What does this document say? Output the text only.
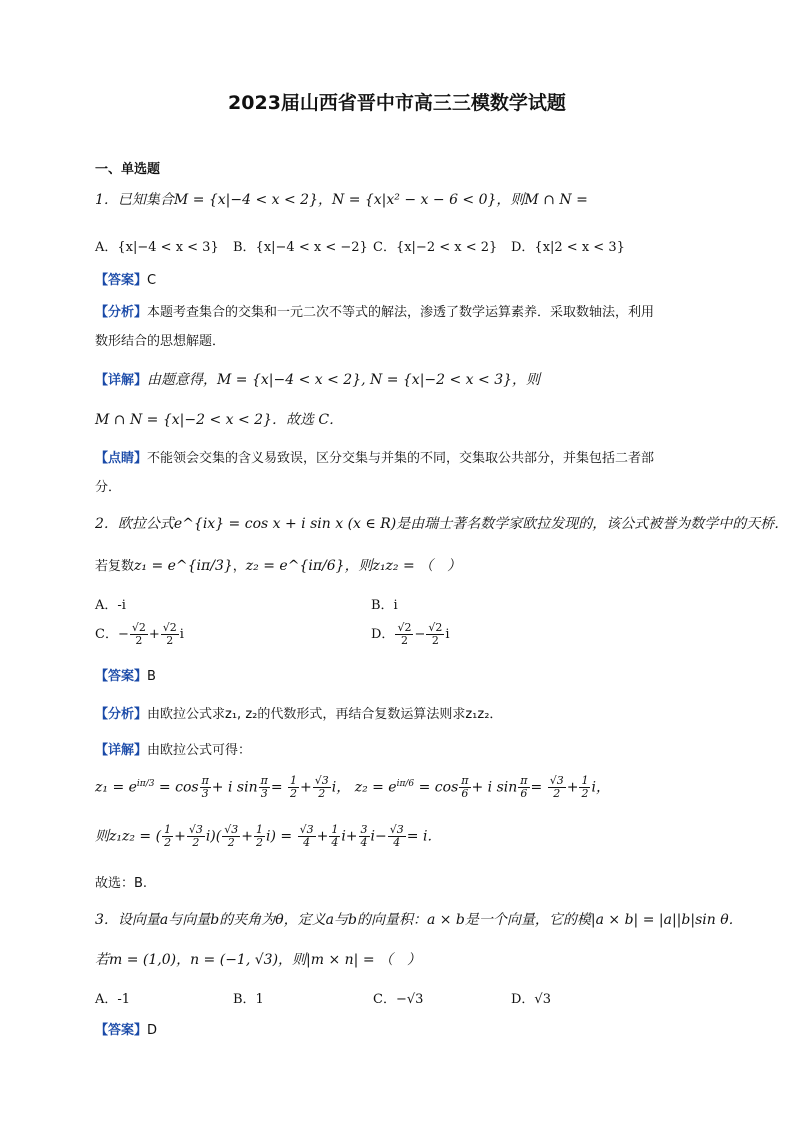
2023届山西省晋中市高三三模数学试题
一、单选题
1．已知集合M = {x|−4 < x < 2}，N = {x|x² − x − 6 < 0}，则M ∩ N =
A．{x|−4 < x < 3} B．{x|−4 < x < −2} C．{x|−2 < x < 2} D．{x|2 < x < 3}
【答案】C
【分析】本题考查集合的交集和一元二次不等式的解法，渗透了数学运算素养．采取数轴法，利用
数形结合的思想解题．
【详解】由题意得，M = {x|−4 < x < 2}, N = {x|−2 < x < 3}，则
M ∩ N = {x|−2 < x < 2}．故选 C．
【点睛】不能领会交集的含义易致误，区分交集与并集的不同，交集取公共部分，并集包括二者部
分．
2．欧拉公式e^{ix} = cos x + i sin x (x ∈ R)是由瑞士著名数学家欧拉发现的，该公式被誉为数学中的天桥．
若复数z₁ = e^{iπ/3}，z₂ = e^{iπ/6}，则z₁z₂ = （　）
A．-i	B．i
C．− $\frac{√2}{2} + \frac{√2}{2}$ i	D． $\frac{√2}{2} - \frac{√2}{2}$ i
【答案】B
【分析】由欧拉公式求z₁, z₂的代数形式，再结合复数运算法则求z₁z₂．
【详解】由欧拉公式可得：
$z_1 = e^{i\pi/3} = \cos \frac{\pi}{3} + i$ $\sin \frac{\pi}{3} = \frac{1}{2} + \frac{√3}{2}$ i， $z_2 = e^{i\pi/6} = \cos \frac{\pi}{6} + i$ $\sin \frac{\pi}{6} = \frac{√3}{2} + \frac{1}{2}$ i，
则z₁z₂ = ( $\frac{1}{2} + \frac{√3}{2} i)( \frac{√3}{2} + \frac{1}{2} i) = \frac{√3}{4} + \frac{1}{4} i+ \frac{3}{4} i- \frac{√3}{4} = i$．
故选：B.
3．设向量a与向量b的夹角为θ，定义a与b的向量积：a × b是一个向量，它的模|a × b| = |a||b|sin θ．
若m = (1,0)，n = (−1, √3)，则|m × n| = （　）
A．-1	B．1	C．−√3	D．√3
【答案】D
